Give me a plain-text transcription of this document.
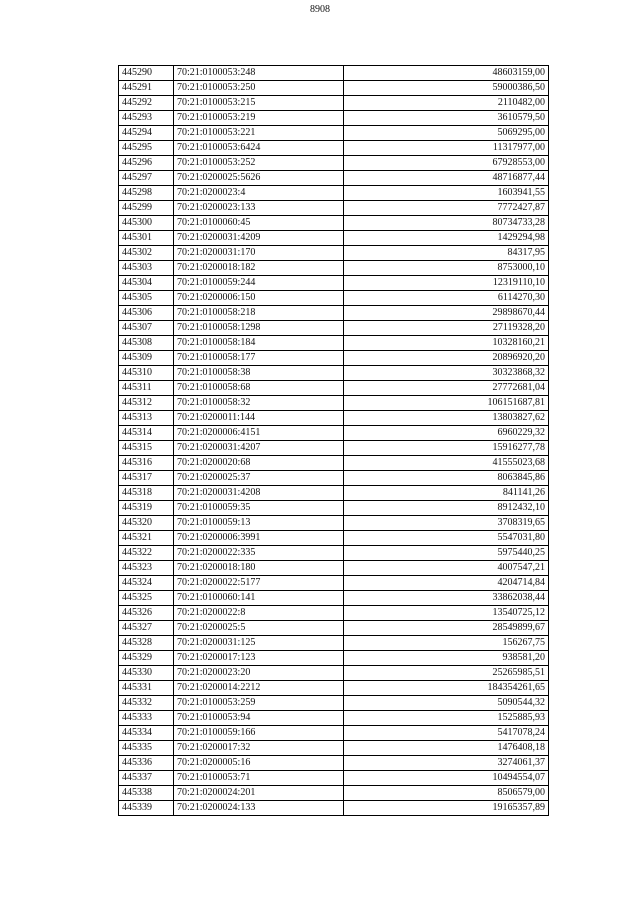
8908
445290	70:21:0100053:248	48603159,00
445291	70:21:0100053:250	59000386,50
445292	70:21:0100053:215	2110482,00
445293	70:21:0100053:219	3610579,50
445294	70:21:0100053:221	5069295,00
445295	70:21:0100053:6424	11317977,00
445296	70:21:0100053:252	67928553,00
445297	70:21:0200025:5626	48716877,44
445298	70:21:0200023:4	1603941,55
445299	70:21:0200023:133	7772427,87
445300	70:21:0100060:45	80734733,28
445301	70:21:0200031:4209	1429294,98
445302	70:21:0200031:170	84317,95
445303	70:21:0200018:182	8753000,10
445304	70:21:0100059:244	12319110,10
445305	70:21:0200006:150	6114270,30
445306	70:21:0100058:218	29898670,44
445307	70:21:0100058:1298	27119328,20
445308	70:21:0100058:184	10328160,21
445309	70:21:0100058:177	20896920,20
445310	70:21:0100058:38	30323868,32
445311	70:21:0100058:68	27772681,04
445312	70:21:0100058:32	106151687,81
445313	70:21:0200011:144	13803827,62
445314	70:21:0200006:4151	6960229,32
445315	70:21:0200031:4207	15916277,78
445316	70:21:0200020:68	41555023,68
445317	70:21:0200025:37	8063845,86
445318	70:21:0200031:4208	841141,26
445319	70:21:0100059:35	8912432,10
445320	70:21:0100059:13	3708319,65
445321	70:21:0200006:3991	5547031,80
445322	70:21:0200022:335	5975440,25
445323	70:21:0200018:180	4007547,21
445324	70:21:0200022:5177	4204714,84
445325	70:21:0100060:141	33862038,44
445326	70:21:0200022:8	13540725,12
445327	70:21:0200025:5	28549899,67
445328	70:21:0200031:125	156267,75
445329	70:21:0200017:123	938581,20
445330	70:21:0200023:20	25265985,51
445331	70:21:0200014:2212	184354261,65
445332	70:21:0100053:259	5090544,32
445333	70:21:0100053:94	1525885,93
445334	70:21:0100059:166	5417078,24
445335	70:21:0200017:32	1476408,18
445336	70:21:0200005:16	3274061,37
445337	70:21:0100053:71	10494554,07
445338	70:21:0200024:201	8506579,00
445339	70:21:0200024:133	19165357,89
